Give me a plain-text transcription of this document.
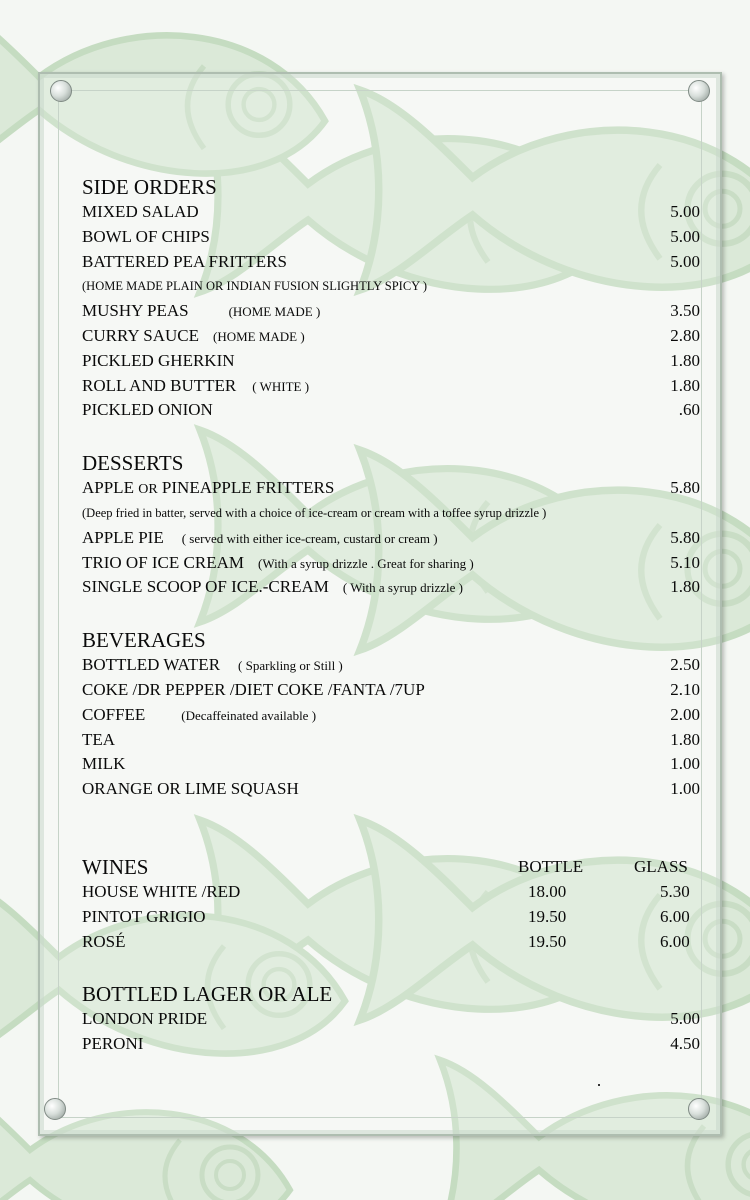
SIDE ORDERS
MIXED SALAD	5.00
BOWL OF CHIPS	5.00
BATTERED PEA FRITTERS	5.00
(HOME MADE PLAIN OR INDIAN FUSION SLIGHTLY SPICY )
MUSHY PEAS	(HOME MADE )	3.50
CURRY SAUCE (HOME MADE )	2.80
PICKLED GHERKIN	1.80
ROLL AND BUTTER ( WHITE )	1.80
PICKLED ONION	.60
DESSERTS
APPLE OR PINEAPPLE FRITTERS	5.80
(Deep fried in batter, served with a choice of ice-cream or cream with a toffee syrup drizzle )
APPLE PIE ( served with either ice-cream, custard or cream )	5.80
TRIO OF ICE CREAM (With a syrup drizzle . Great for sharing )	5.10
SINGLE SCOOP OF ICE.-CREAM ( With a syrup drizzle )	1.80
BEVERAGES
BOTTLED WATER ( Sparkling or Still )	2.50
COKE /DR PEPPER /DIET COKE /FANTA /7UP	2.10
COFFEE	(Decaffeinated available )	2.00
TEA	1.80
MILK	1.00
ORANGE OR LIME SQUASH	1.00
WINES	BOTTLE	GLASS
HOUSE WHITE /RED	18.00	5.30
PINTOT GRIGIO	19.50	6.00
ROSÉ	19.50	6.00
BOTTLED LAGER OR ALE
LONDON PRIDE	5.00
PERONI	4.50
